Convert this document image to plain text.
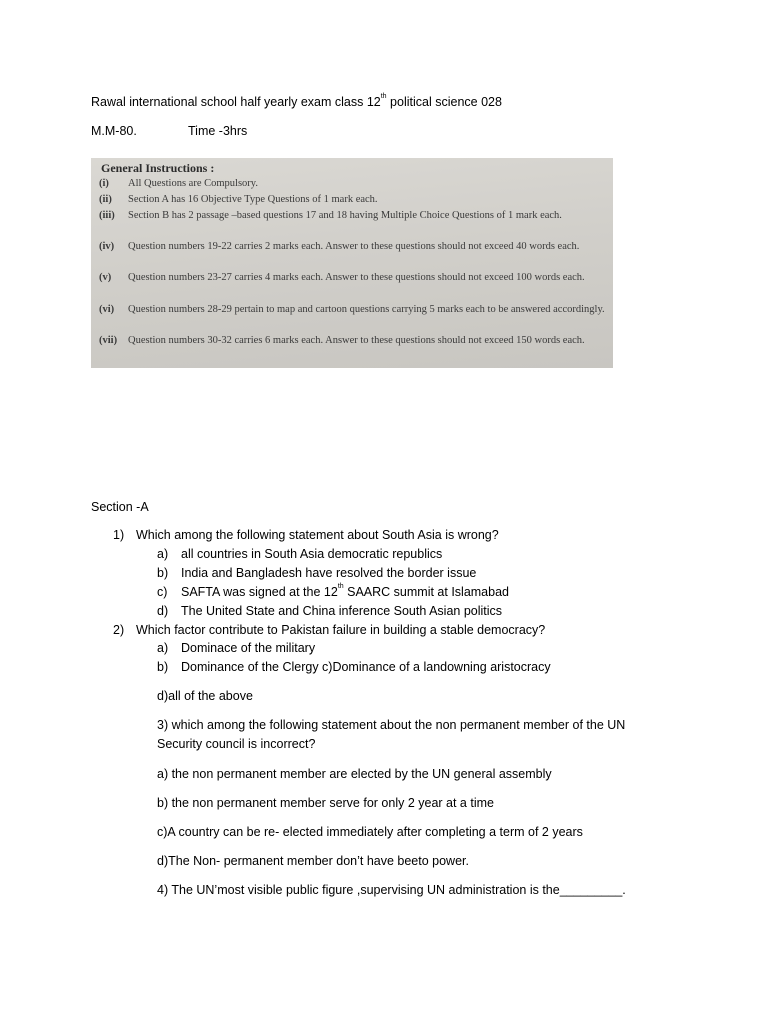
Rawal international school half yearly exam class 12th political science 028
M.M-80.	Time -3hrs
General Instructions :
(i)	All Questions are Compulsory.
(ii)	Section A has 16 Objective Type Questions of 1 mark each.
(iii)	Section B has 2 passage –based questions 17 and 18 having Multiple Choice Questions of 1 mark each.
(iv)	Question numbers 19-22 carries 2 marks each. Answer to these questions should not exceed 40 words each.
(v)	Question numbers 23-27 carries 4 marks each. Answer to these questions should not exceed 100 words each.
(vi)	Question numbers 28-29 pertain to map and cartoon questions carrying 5 marks each to be answered accordingly.
(vii)	Question numbers 30-32 carries 6 marks each. Answer to these questions should not exceed 150 words each.
Section -A
1) Which among the following statement about South Asia is wrong?
a) all countries in South Asia democratic republics
b) India and Bangladesh have resolved the border issue
c) SAFTA was signed at the 12th SAARC summit at Islamabad
d) The United State and China inference South Asian politics
2) Which factor contribute to Pakistan failure in building a stable democracy?
a) Dominace of the military
b) Dominance of the Clergy c)Dominance of a landowning aristocracy
d)all of the above
3) which among the following statement about the non permanent member of the UN
Security council is incorrect?
a) the non permanent member are elected by the UN general assembly
b) the non permanent member serve for only 2 year at a time
c)A country can be re- elected immediately after completing a term of 2 years
d)The Non- permanent member don’t have beeto power.
4) The UN’most visible public figure ,supervising UN administration is the_________.
